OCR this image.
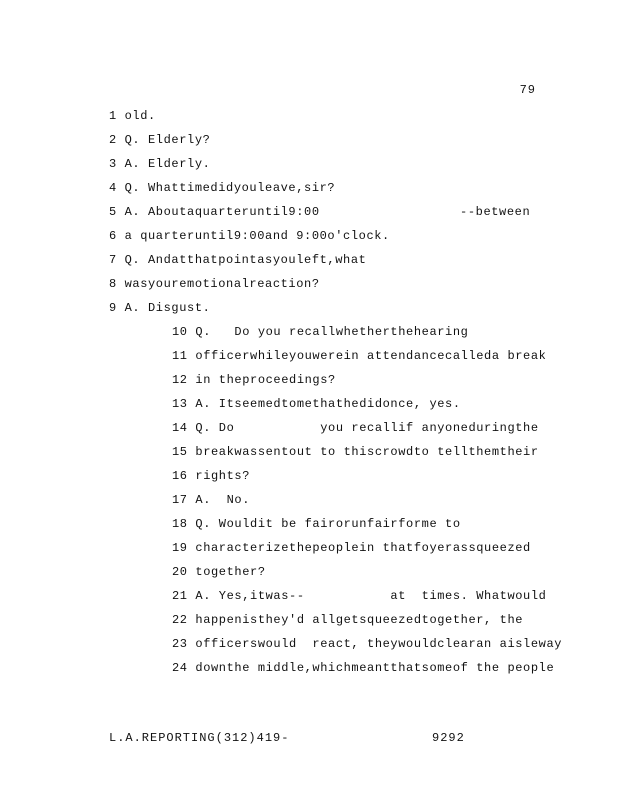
79
1 old.
2 Q. Elderly?
3 A. Elderly.
4 Q. Whattimedidyouleave,sir?
5 A. Aboutaquarteruntil9:00                  --between
6 a quarteruntil9:00and 9:00o'clock.
7 Q. Andatthatpointasyouleft,what
8 wasyouremotionalreaction?
9 A. Disgust.
10 Q.   Do you recallwhetherthehearing
11 officerwhileyouwerein attendancecalleda break
12 in theproceedings?
13 A. Itseemedtomethathedidonce, yes.
14 Q. Do           you recallif anyoneduringthe
15 breakwassentout to thiscrowdto tellthemtheir
16 rights?
17 A.  No.
18 Q. Wouldit be fairorunfairforme to
19 characterizethepeoplein thatfoyerassqueezed
20 together?
21 A. Yes,itwas--           at  times. Whatwould
22 happenisthey'd allgetsqueezedtogether, the
23 officerswould  react, theywouldclearan aisleway
24 downthe middle,whichmeantthatsomeof the people
L.A.REPORTING(312)419-	9292
